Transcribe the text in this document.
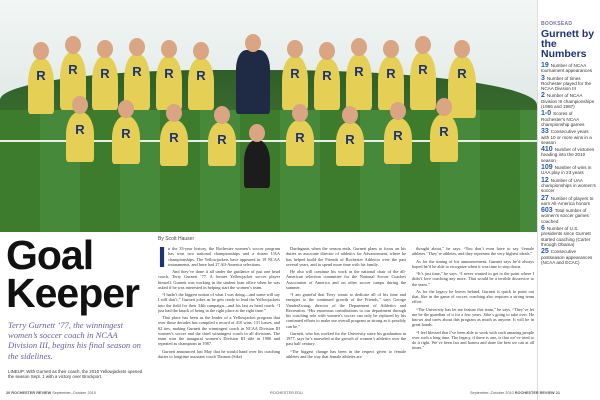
R	R	R	R	R	R	R	R	R	R	R	R
R	R	R	R	R	R	R	R
BOOKSEAD
Gurnett by the Numbers
19 Number of NCAA tournament appearances
3 Number of times Rochester played for the NCAA Division III
2 Number of NCAA Division III championships (1986 and 1987)
1-0 Scores of Rochester's NCAA championship games
33 Consecutive years with 10 or more wins in a season
410 Number of victories heading into the 2010 season
109 Number of wins in UAA play in 23 years
12 Number of UAA championships in women's soccer
27 Number of players to earn All-America honors
603 Total number of women's soccer games coached
6 Number of U.S. presidents since Gurnett started coaching (Carter through Obama)
25 Consecutive postseason appearances (NCAA and ECAC)
Goal Keeper

Terry Gurnett ’77, the winningest women’s soccer coach in NCAA Division III, begins his final season on the sidelines.

LINEUP: With Gurnett as their coach, the 2010 Yellowjackets opened the season Sept. 1 with a victory over Brockport.

By Scott Hauser
I n the 33-year history, the Rochester women’s soccer program has won two national championships and a dozen UAA championships. The Yellowjackets have appeared in 19 NCAA tournaments, and have had 27 All-America selections.

And they’ve done it all under the guidance of just one head coach, Terry Gurnett ’77. A former Yellowjacket soccer player himself, Gurnett was working in the student loan office when he was asked if he was interested in helping start the women’s team.

“I hadn’t the biggest notion of what I was doing—and some will say I still don’t,” Gurnett jokes as he gets ready to lead the Yellowjackets into the field for their 34th campaign—and his last as head coach. “I just had the knack of being in the right place at the right time.”

That place has been as the leader of a Yellowjacket program that over those decades has compiled a record of 410 wins, 131 losses, and 62 ties, making Gurnett the winningest coach in NCAA Division III women’s soccer and the third winningest coach in all divisions. The team won the inaugural women’s Division III title in 1986 and repeated as champions in 1987.

Gurnett announced last May that he would hand over his coaching duties to longtime assistant coach Thomas (Sike)

Dardaganis when the season ends. Gurnett plans to focus on his duties as associate director of athletics for Advancement, where he has helped build the Friends of Rochester Athletics over the past several years, and to spend more time with his family.

He also will continue his work as the national chair of the all-American selection committee for the National Soccer Coaches Association of America and on other soccer camps during the summer.

“I am grateful that Terry wants to dedicate all of his time and energies to the continued growth of the Friends,” says George VanderZwaag, director of the Department of Athletics and Recreation. “His enormous contributions to our department through his coaching role with women’s soccer can only be replaced by his continued efforts to make our overall program as strong as it possibly can be.”

Gurnett, who has worked for the University since his graduation in 1977, says he’s marveled at the growth of women’s athletics over the past half century.

“The biggest change has been in the respect given to female athletes and the way that female athletes are

thought about,” he says. “You don’t even have to say ‘female athletes.’ They’re athletes, and they represent the very highest ideals.”

As for the timing of his announcement, Gurnett says he’d always hoped he’d be able to recognize when it was time to step down.

“It’s just time,” he says. “I never wanted to get to the point where I didn’t love coaching any more. That would be a terrible disservice to the team.”

As for the legacy he leaves behind, Gurnett is quick to point out that, like in the game of soccer, coaching also requires a strong team effort.

“The University has let me feature this team,” he says. “They’ve let me be the guardian of it for a few years. Sike’s going to take over. He knows and cares about this program as much as anyone. It will be in great hands.

“I feel blessed that I’ve been able to work with such amazing people over such a long time. The legacy, if there is one, is that we’ve tried to do it right. We’ve been fair and honest and done the best we can at all times.”

20 ROCHESTER REVIEW September–October 2010	ROCHESTER.EDU	September–October 2010 ROCHESTER REVIEW 21
